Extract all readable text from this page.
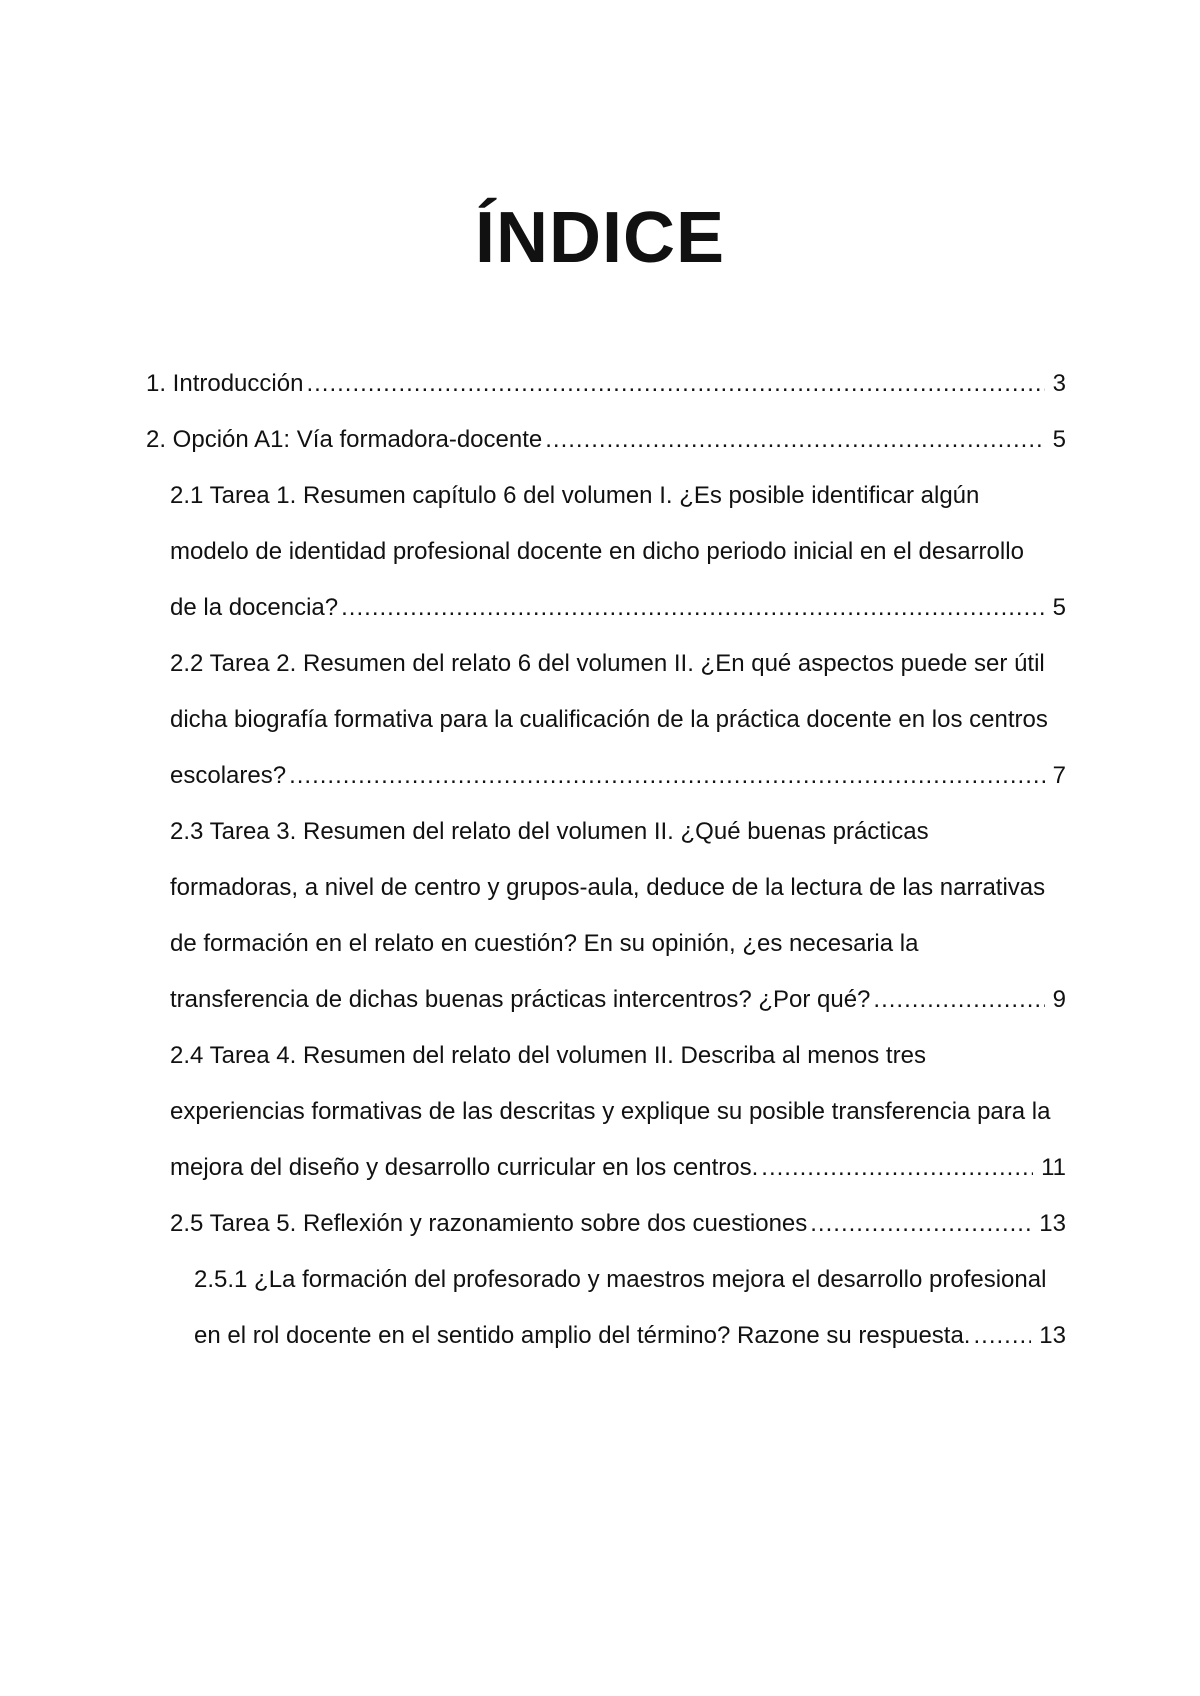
ÍNDICE
1. Introducción .....	3
2. Opción A1: Vía formadora-docente .....	5
2.1 Tarea 1. Resumen capítulo 6 del volumen I. ¿Es posible identificar algún
modelo de identidad profesional docente en dicho periodo inicial en el desarrollo
de la docencia? .....	5
2.2 Tarea 2. Resumen del relato 6 del volumen II. ¿En qué aspectos puede ser útil
dicha biografía formativa para la cualificación de la práctica docente en los centros
escolares? .....	7
2.3 Tarea 3. Resumen del relato del volumen II. ¿Qué buenas prácticas
formadoras, a nivel de centro y grupos-aula, deduce de la lectura de las narrativas
de formación en el relato en cuestión? En su opinión, ¿es necesaria la
transferencia de dichas buenas prácticas intercentros? ¿Por qué? .....	9
2.4 Tarea 4. Resumen del relato del volumen II. Describa al menos tres
experiencias formativas de las descritas y explique su posible transferencia para la
mejora del diseño y desarrollo curricular en los centros. .....	11
2.5 Tarea 5. Reflexión y razonamiento sobre dos cuestiones .....	13
2.5.1 ¿La formación del profesorado y maestros mejora el desarrollo profesional
en el rol docente en el sentido amplio del término? Razone su respuesta. .....	13
